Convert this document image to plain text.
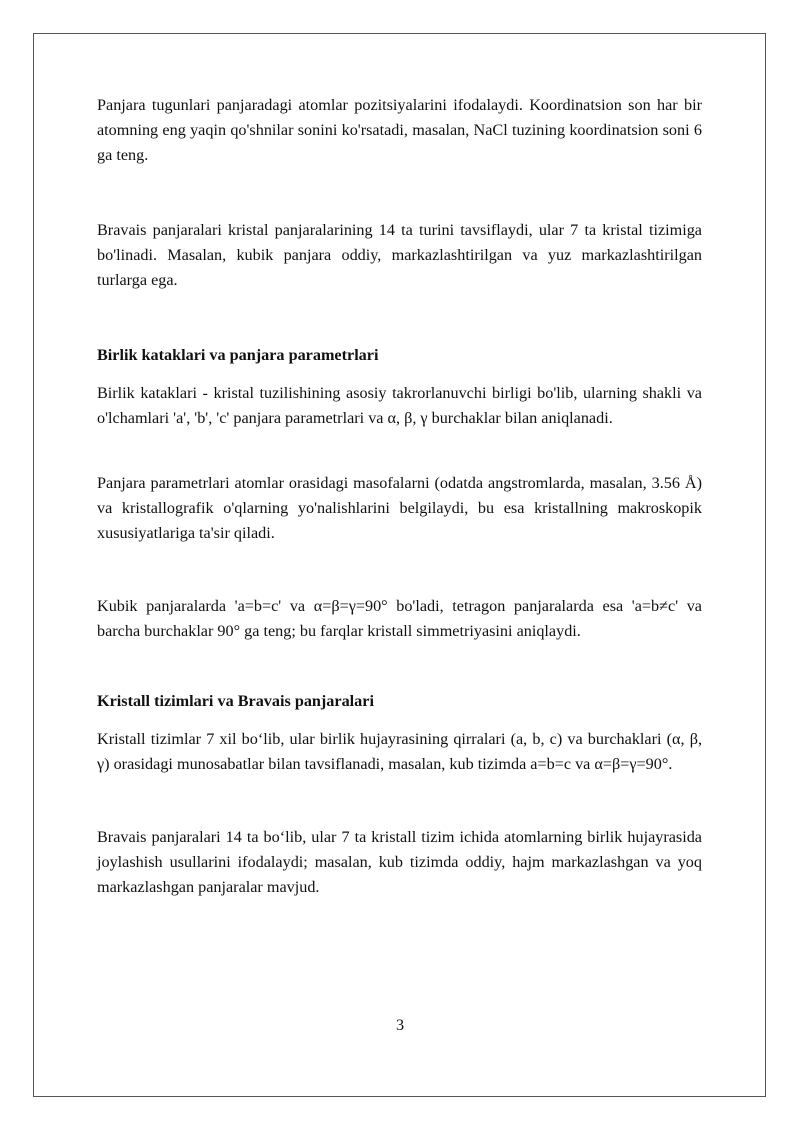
Panjara tugunlari panjaradagi atomlar pozitsiyalarini ifodalaydi. Koordinatsion son har bir atomning eng yaqin qo'shnilar sonini ko'rsatadi, masalan, NaCl tuzining koordinatsion soni 6 ga teng.

Bravais panjaralari kristal panjaralarining 14 ta turini tavsiflaydi, ular 7 ta kristal tizimiga bo'linadi. Masalan, kubik panjara oddiy, markazlashtirilgan va yuz markazlashtirilgan turlarga ega.

Birlik kataklari va panjara parametrlari

Birlik kataklari - kristal tuzilishining asosiy takrorlanuvchi birligi bo'lib, ularning shakli va o'lchamlari 'a', 'b', 'c' panjara parametrlari va α, β, γ burchaklar bilan aniqlanadi.

Panjara parametrlari atomlar orasidagi masofalarni (odatda angstromlarda, masalan, 3.56 Å) va kristallografik o'qlarning yo'nalishlarini belgilaydi, bu esa kristallning makroskopik xususiyatlariga ta'sir qiladi.

Kubik panjaralarda 'a=b=c' va α=β=γ=90° bo'ladi, tetragon panjaralarda esa 'a=b≠c' va barcha burchaklar 90° ga teng; bu farqlar kristall simmetriyasini aniqlaydi.

Kristall tizimlari va Bravais panjaralari

Kristall tizimlar 7 xil bo‘lib, ular birlik hujayrasining qirralari (a, b, c) va burchaklari (α, β, γ) orasidagi munosabatlar bilan tavsiflanadi, masalan, kub tizimda a=b=c va α=β=γ=90°.

Bravais panjaralari 14 ta bo‘lib, ular 7 ta kristall tizim ichida atomlarning birlik hujayrasida joylashish usullarini ifodalaydi; masalan, kub tizimda oddiy, hajm markazlashgan va yoq markazlashgan panjaralar mavjud.

3
